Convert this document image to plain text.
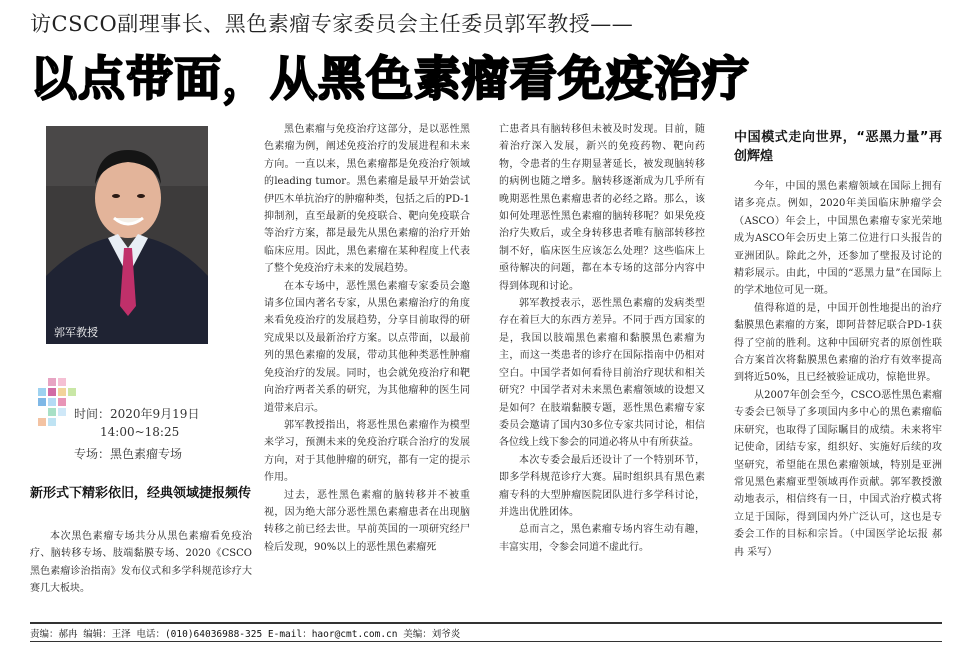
访CSCO副理事长、黑色素瘤专家委员会主任委员郭军教授——
以点带面，从黑色素瘤看免疫治疗
郭军教授
时间：2020年9月19日
14:00~18:25
专场：黑色素瘤专场
新形式下精彩依旧，经典领域捷报频传

本次黑色素瘤专场共分从黑色素瘤看免疫治疗、脑转移专场、肢端黏膜专场、2020《CSCO黑色素瘤诊治指南》发布仪式和多学科规范诊疗大赛几大板块。

黑色素瘤与免疫治疗这部分，是以恶性黑色素瘤为例，阐述免疫治疗的发展进程和未来方向。一直以来，黑色素瘤都是免疫治疗领域的leading tumor。黑色素瘤是最早开始尝试伊匹木单抗治疗的肿瘤种类，包括之后的PD-1抑制剂，直至最新的免疫联合、靶向免疫联合等治疗方案，都是最先从黑色素瘤的治疗开始临床应用。因此，黑色素瘤在某种程度上代表了整个免疫治疗未来的发展趋势。

在本专场中，恶性黑色素瘤专家委员会邀请多位国内著名专家，从黑色素瘤治疗的角度来看免疫治疗的发展趋势，分享目前取得的研究成果以及最新治疗方案。以点带面，以最前列的黑色素瘤的发展，带动其他种类恶性肿瘤免疫治疗的发展。同时，也会就免疫治疗和靶向治疗两者关系的研究，为其他瘤种的医生同道带来启示。

郭军教授指出，将恶性黑色素瘤作为模型来学习，预测未来的免疫治疗联合治疗的发展方向，对于其他肿瘤的研究，都有一定的提示作用。

过去，恶性黑色素瘤的脑转移并不被重视，因为绝大部分恶性黑色素瘤患者在出现脑转移之前已经去世。早前英国的一项研究经尸检后发现，90%以上的恶性黑色素瘤死

亡患者具有脑转移但未被及时发现。目前，随着治疗深入发展，新兴的免疫药物、靶向药物，令患者的生存期显著延长，被发现脑转移的病例也随之增多。脑转移逐渐成为几乎所有晚期恶性黑色素瘤患者的必经之路。那么，该如何处理恶性黑色素瘤的脑转移呢？如果免疫治疗失败后，或全身转移患者唯有脑部转移控制不好，临床医生应该怎么处理？这些临床上亟待解决的问题，都在本专场的这部分内容中得到体现和讨论。

郭军教授表示，恶性黑色素瘤的发病类型存在着巨大的东西方差异。不同于西方国家的是，我国以肢端黑色素瘤和黏膜黑色素瘤为主，而这一类患者的诊疗在国际指南中仍相对空白。中国学者如何看待目前治疗现状和相关研究？中国学者对未来黑色素瘤领域的设想又是如何？在肢端黏膜专题，恶性黑色素瘤专家委员会邀请了国内30多位专家共同讨论，相信各位线上线下参会的同道必将从中有所获益。

本次专委会最后还设计了一个特别环节，即多学科规范诊疗大赛。届时组织具有黑色素瘤专科的大型肿瘤医院团队进行多学科讨论，并选出优胜团体。

总而言之，黑色素瘤专场内容生动有趣，丰富实用，令参会同道不虚此行。

中国模式走向世界，“恶黑力量”再创辉煌

今年，中国的黑色素瘤领域在国际上拥有诸多亮点。例如，2020年美国临床肿瘤学会（ASCO）年会上，中国黑色素瘤专家光荣地成为ASCO年会历史上第二位进行口头报告的亚洲团队。除此之外，还参加了壁报及讨论的精彩展示。由此，中国的“恶黑力量”在国际上的学术地位可见一斑。

值得称道的是，中国开创性地提出的治疗黏膜黑色素瘤的方案，即阿昔替尼联合PD-1获得了空前的胜利。这种中国研究者的原创性联合方案首次将黏膜黑色素瘤的治疗有效率提高到将近50%，且已经被验证成功，惊艳世界。

从2007年创会至今，CSCO恶性黑色素瘤专委会已领导了多项国内多中心的黑色素瘤临床研究，也取得了国际瞩目的成绩。未来将牢记使命，团结专家，组织好、实施好后续的攻坚研究，希望能在黑色素瘤领域，特别是亚洲常见黑色素瘤亚型领域再作贡献。郭军教授激动地表示，相信终有一日，中国式治疗模式将立足于国际，得到国内外广泛认可，这也是专委会工作的目标和宗旨。（中国医学论坛报 郝冉 采写）

责编：郝冉 编辑：王泽 电话：(010)64036988-325 E-mail：haor@cmt.com.cn 美编：刘爷炎
